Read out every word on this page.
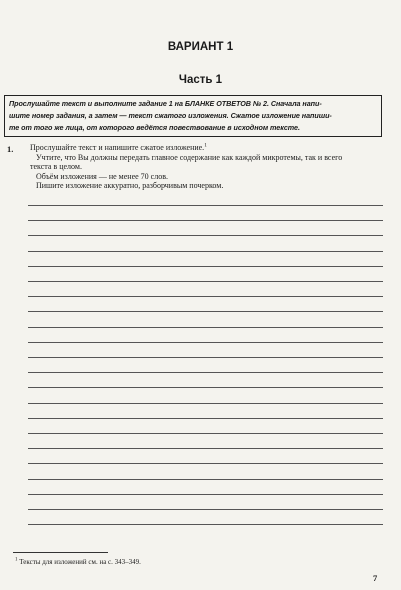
ВАРИАНТ 1
Часть 1
Прослушайте текст и выполните задание 1 на БЛАНКЕ ОТВЕТОВ № 2. Сначала напи-
шите номер задания, а затем — текст сжатого изложения. Сжатое изложение напиши-
те от того же лица, от которого ведётся повествование в исходном тексте.
1. Прослушайте текст и напишите сжатое изложение.$^1$
Учтите, что Вы должны передать главное содержание как каждой микротемы, так и всего
текста в целом.
Объём изложения — не менее 70 слов.
Пишите изложение аккуратно, разборчивым почерком.
$^1$ Тексты для изложений см. на с. 343–349.
7
